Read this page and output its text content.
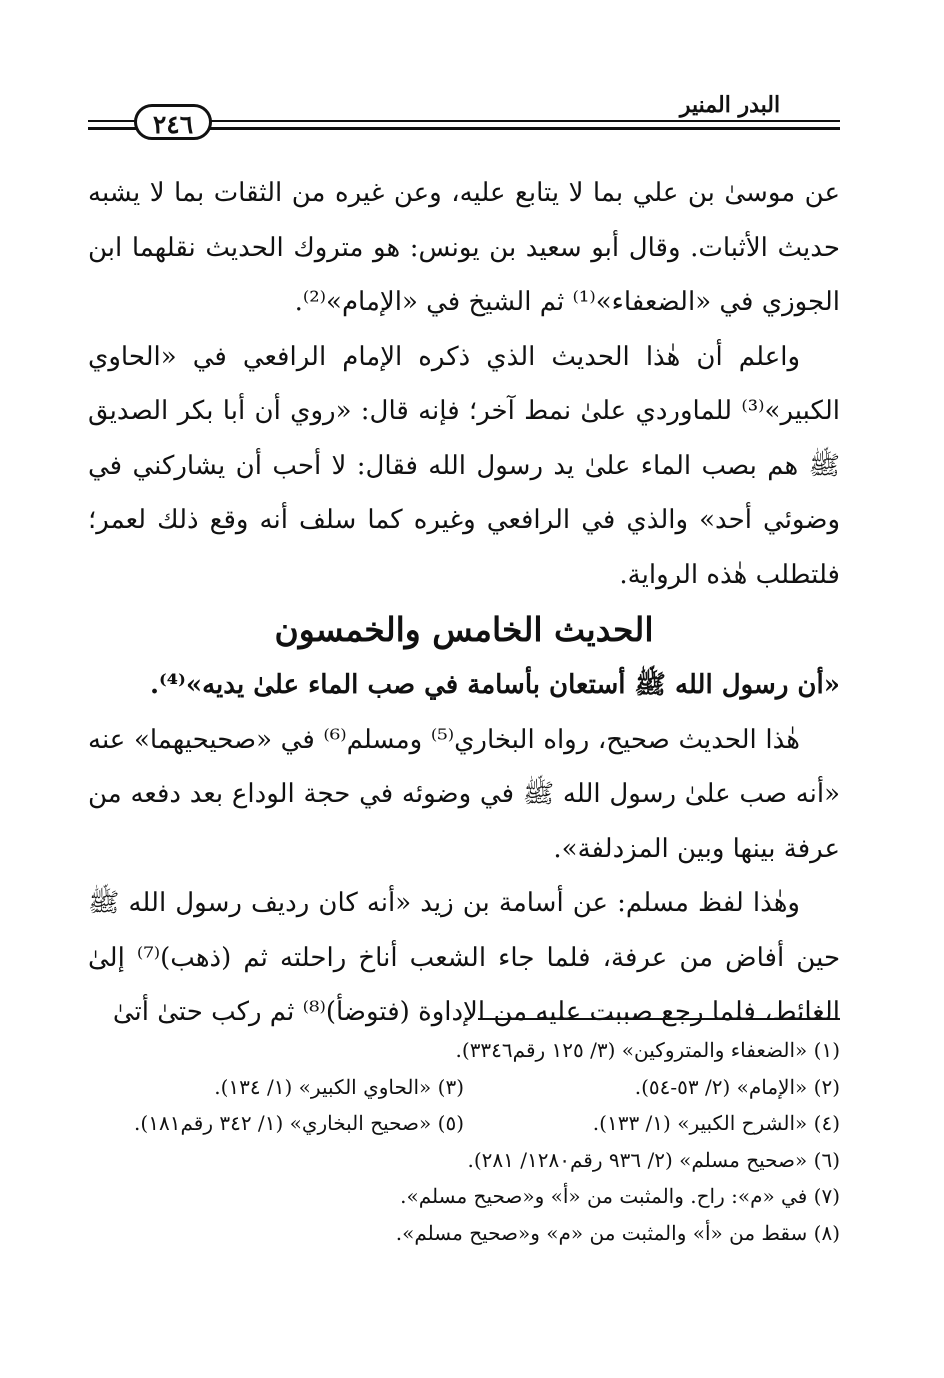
البدر المنير
٢٤٦

عن موسىٰ بن علي بما لا يتابع عليه، وعن غيره من الثقات بما لا يشبه حديث الأثبات. وقال أبو سعيد بن يونس: هو متروك الحديث نقلهما ابن الجوزي في «الضعفاء»⁽¹⁾ ثم الشيخ في «الإمام»⁽²⁾.

واعلم أن هٰذا الحديث الذي ذكره الإمام الرافعي في «الحاوي الكبير»⁽³⁾ للماوردي علىٰ نمط آخر؛ فإنه قال: «روي أن أبا بكر الصديق ﷺ هم بصب الماء علىٰ يد رسول الله فقال: لا أحب أن يشاركني في وضوئي أحد» والذي في الرافعي وغيره كما سلف أنه وقع ذلك لعمر؛ فلتطلب هٰذه الرواية.

الحديث الخامس والخمسون

«أن رسول الله ﷺ أستعان بأسامة في صب الماء علىٰ يديه»⁽⁴⁾.

هٰذا الحديث صحيح، رواه البخاري⁽⁵⁾ ومسلم⁽⁶⁾ في «صحيحيهما» عنه «أنه صب علىٰ رسول الله ﷺ في وضوئه في حجة الوداع بعد دفعه من عرفة بينها وبين المزدلفة».

وهٰذا لفظ مسلم: عن أسامة بن زيد «أنه كان رديف رسول الله ﷺ حين أفاض من عرفة، فلما جاء الشعب أناخ راحلته ثم (ذهب)⁽⁷⁾ إلىٰ الغائط، فلما رجع صببت عليه من الإداوة (فتوضأ)⁽⁸⁾ ثم ركب حتىٰ أتىٰ

(١) «الضعفاء والمتروكين» (٣/ ١٢٥ رقم٣٣٤٦).
(٢) «الإمام» (٢/ ٥٣-٥٤).
(٣) «الحاوي الكبير» (١/ ١٣٤).
(٤) «الشرح الكبير» (١/ ١٣٣).
(٥) «صحيح البخاري» (١/ ٣٤٢ رقم١٨١).
(٦) «صحيح مسلم» (٢/ ٩٣٦ رقم١٢٨٠/ ٢٨١).
(٧) في «م»: راح. والمثبت من «أ» و«صحيح مسلم».
(٨) سقط من «أ» والمثبت من «م» و«صحيح مسلم».
